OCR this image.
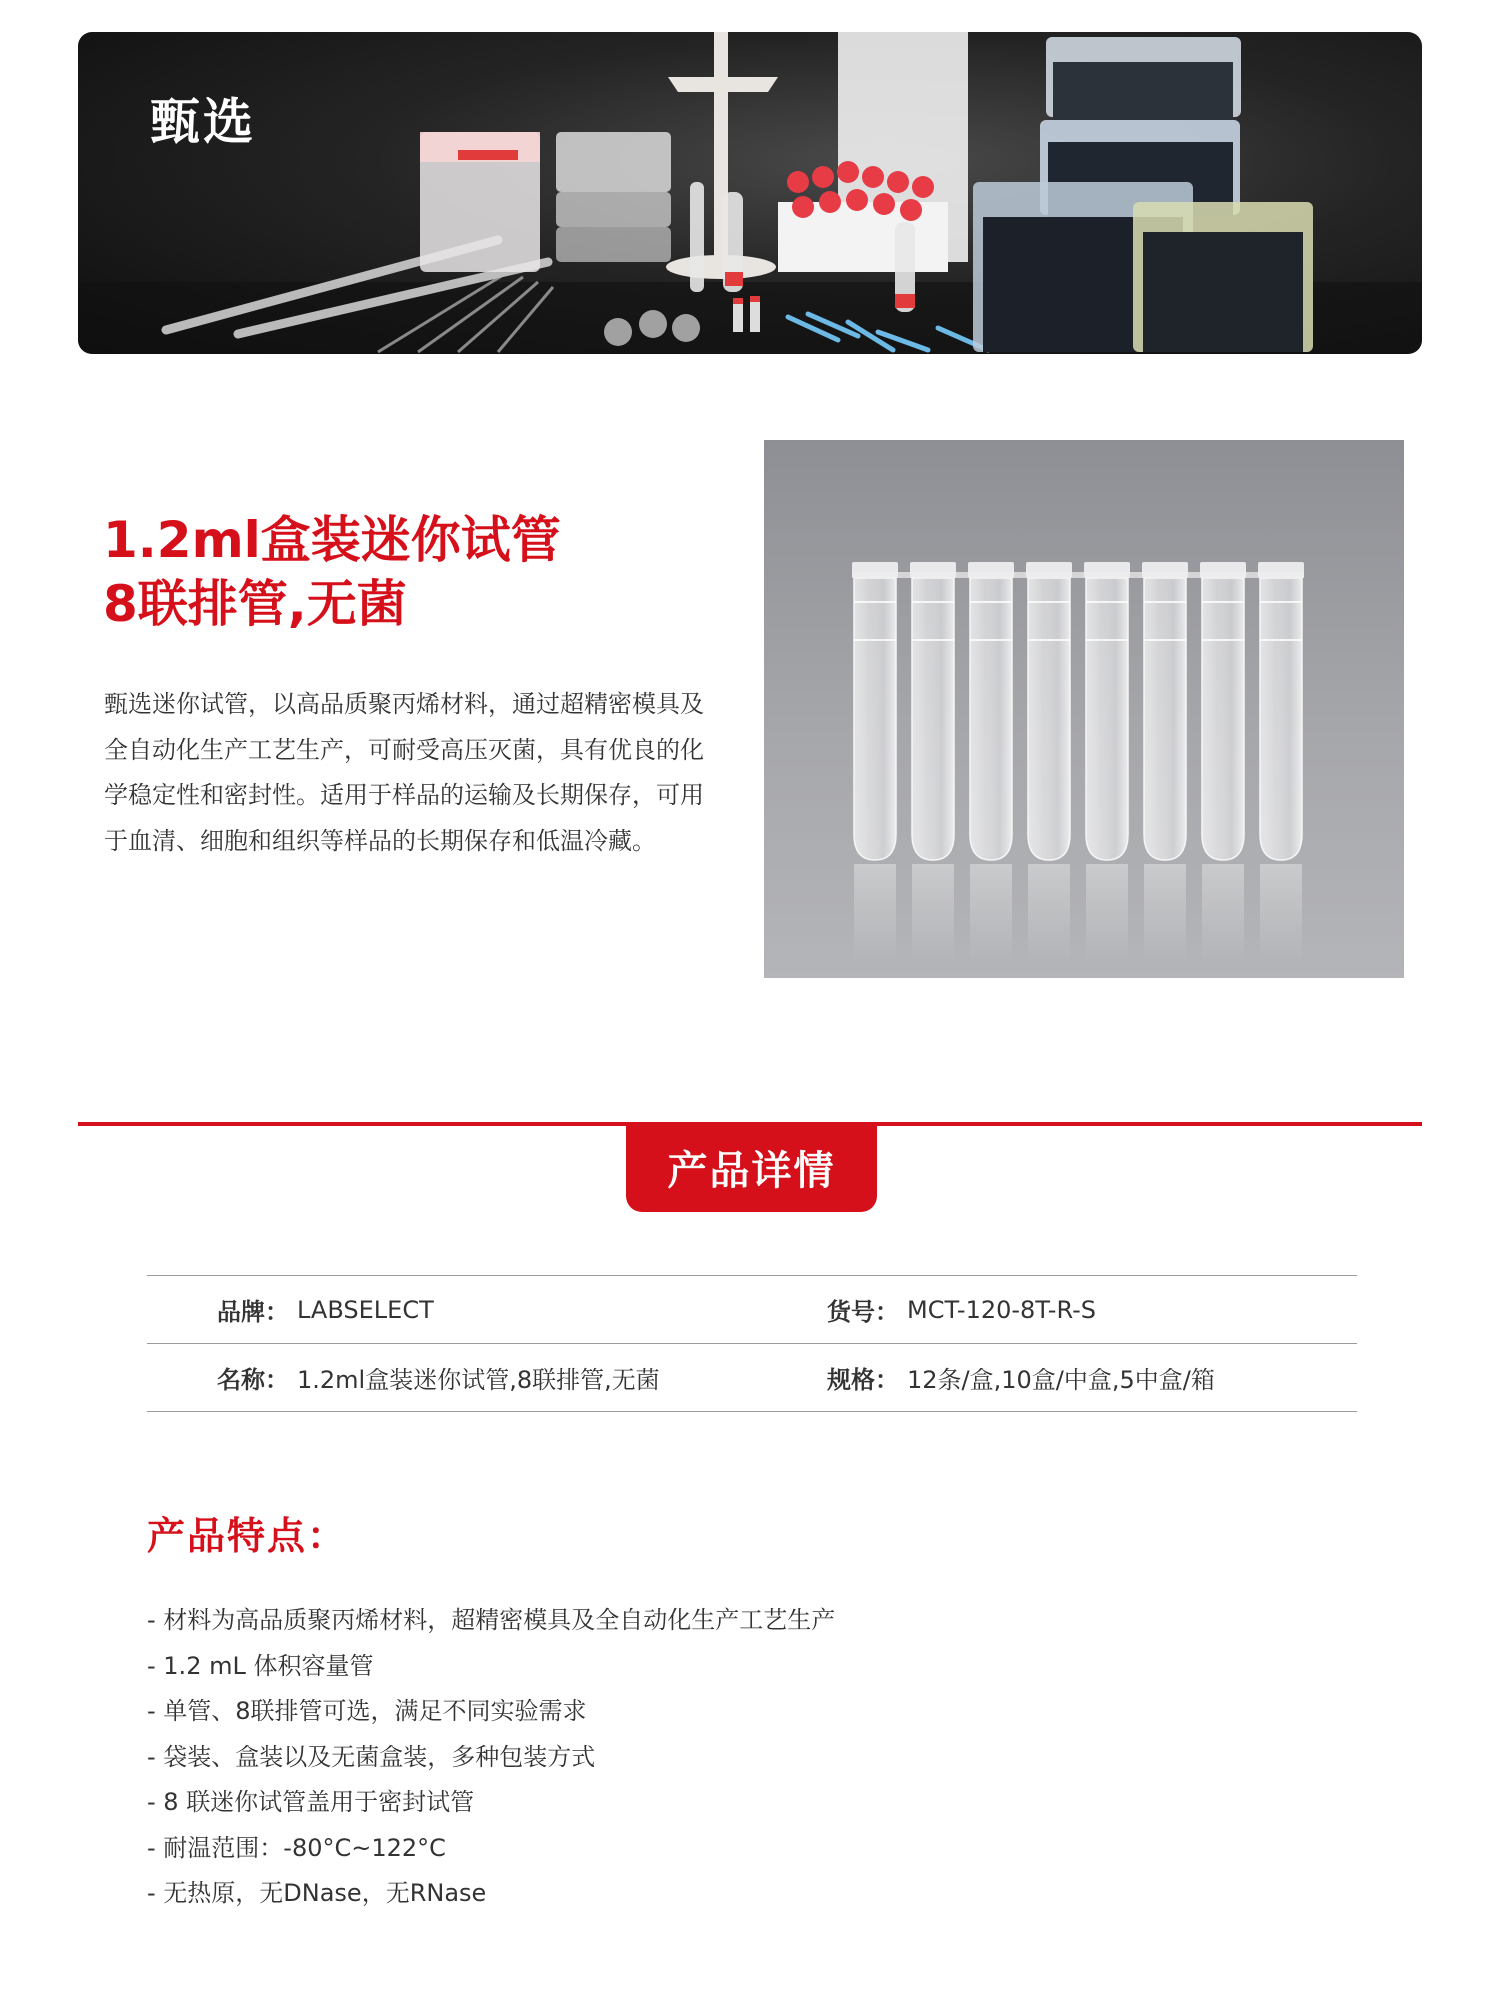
甄选
1.2ml盒装迷你试管
8联排管,无菌

甄选迷你试管，以高品质聚丙烯材料，通过超精密模具及全自动化生产工艺生产，可耐受高压灭菌，具有优良的化学稳定性和密封性。适用于样品的运输及长期保存，可用于血清、细胞和组织等样品的长期保存和低温冷藏。

产品详情
品牌： LABSELECT	货号： MCT-120-8T-R-S
名称： 1.2ml盒装迷你试管,8联排管,无菌	规格： 12条/盒,10盒/中盒,5中盒/箱
产品特点：
- 材料为高品质聚丙烯材料，超精密模具及全自动化生产工艺生产
- 1.2 mL 体积容量管
- 单管、8联排管可选，满足不同实验需求
- 袋装、盒装以及无菌盒装，多种包装方式
- 8 联迷你试管盖用于密封试管
- 耐温范围：-80°C~122°C
- 无热原，无DNase，无RNase
